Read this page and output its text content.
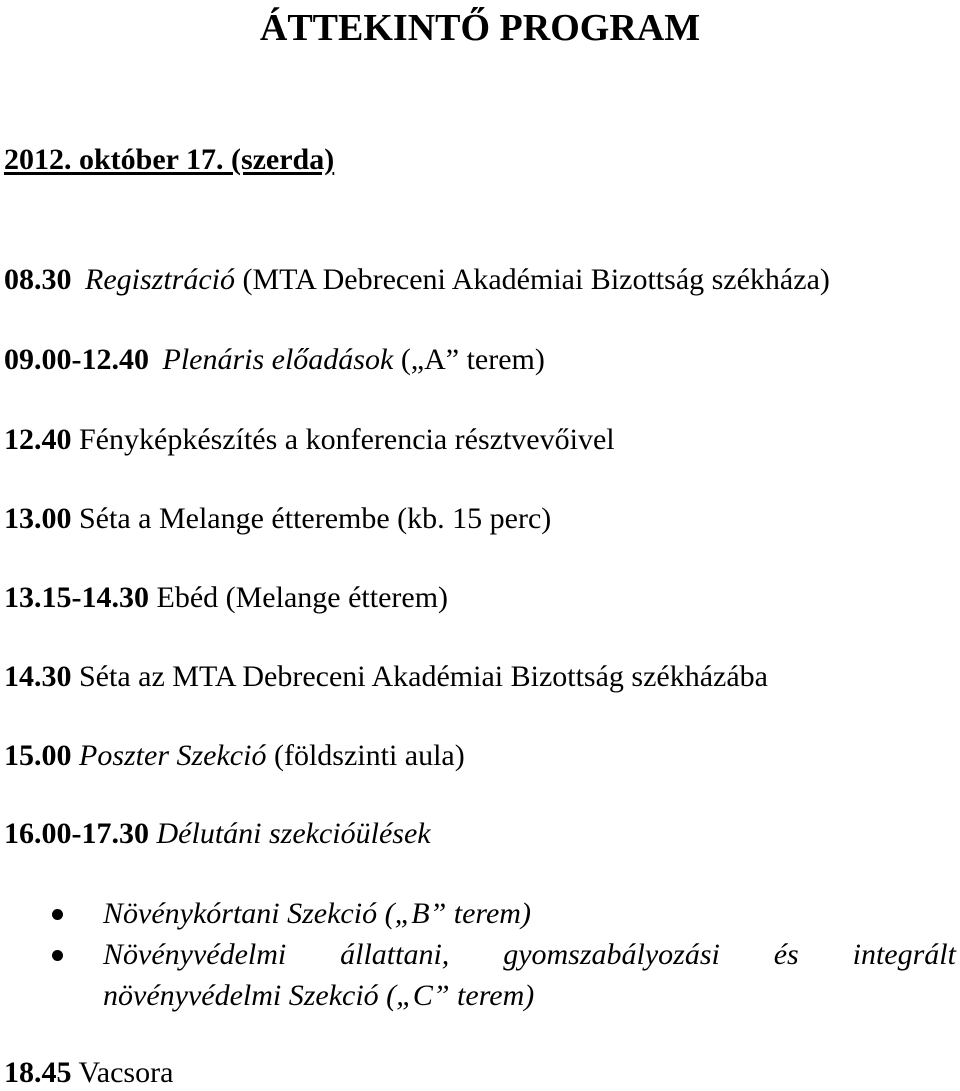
ÁTTEKINTŐ PROGRAM
2012. október 17. (szerda)
08.30 Regisztráció (MTA Debreceni Akadémiai Bizottság székháza)
09.00-12.40 Plenáris előadások („A” terem)
12.40 Fényképkészítés a konferencia résztvevőivel
13.00 Séta a Melange étterembe (kb. 15 perc)
13.15-14.30 Ebéd (Melange étterem)
14.30 Séta az MTA Debreceni Akadémiai Bizottság székházába
15.00 Poszter Szekció (földszinti aula)
16.00-17.30 Délutáni szekcióülések
Növénykórtani Szekció („B” terem)
Növényvédelmi állattani, gyomszabályozási és integrált
növényvédelmi Szekció („C” terem)
18.45 Vacsora
